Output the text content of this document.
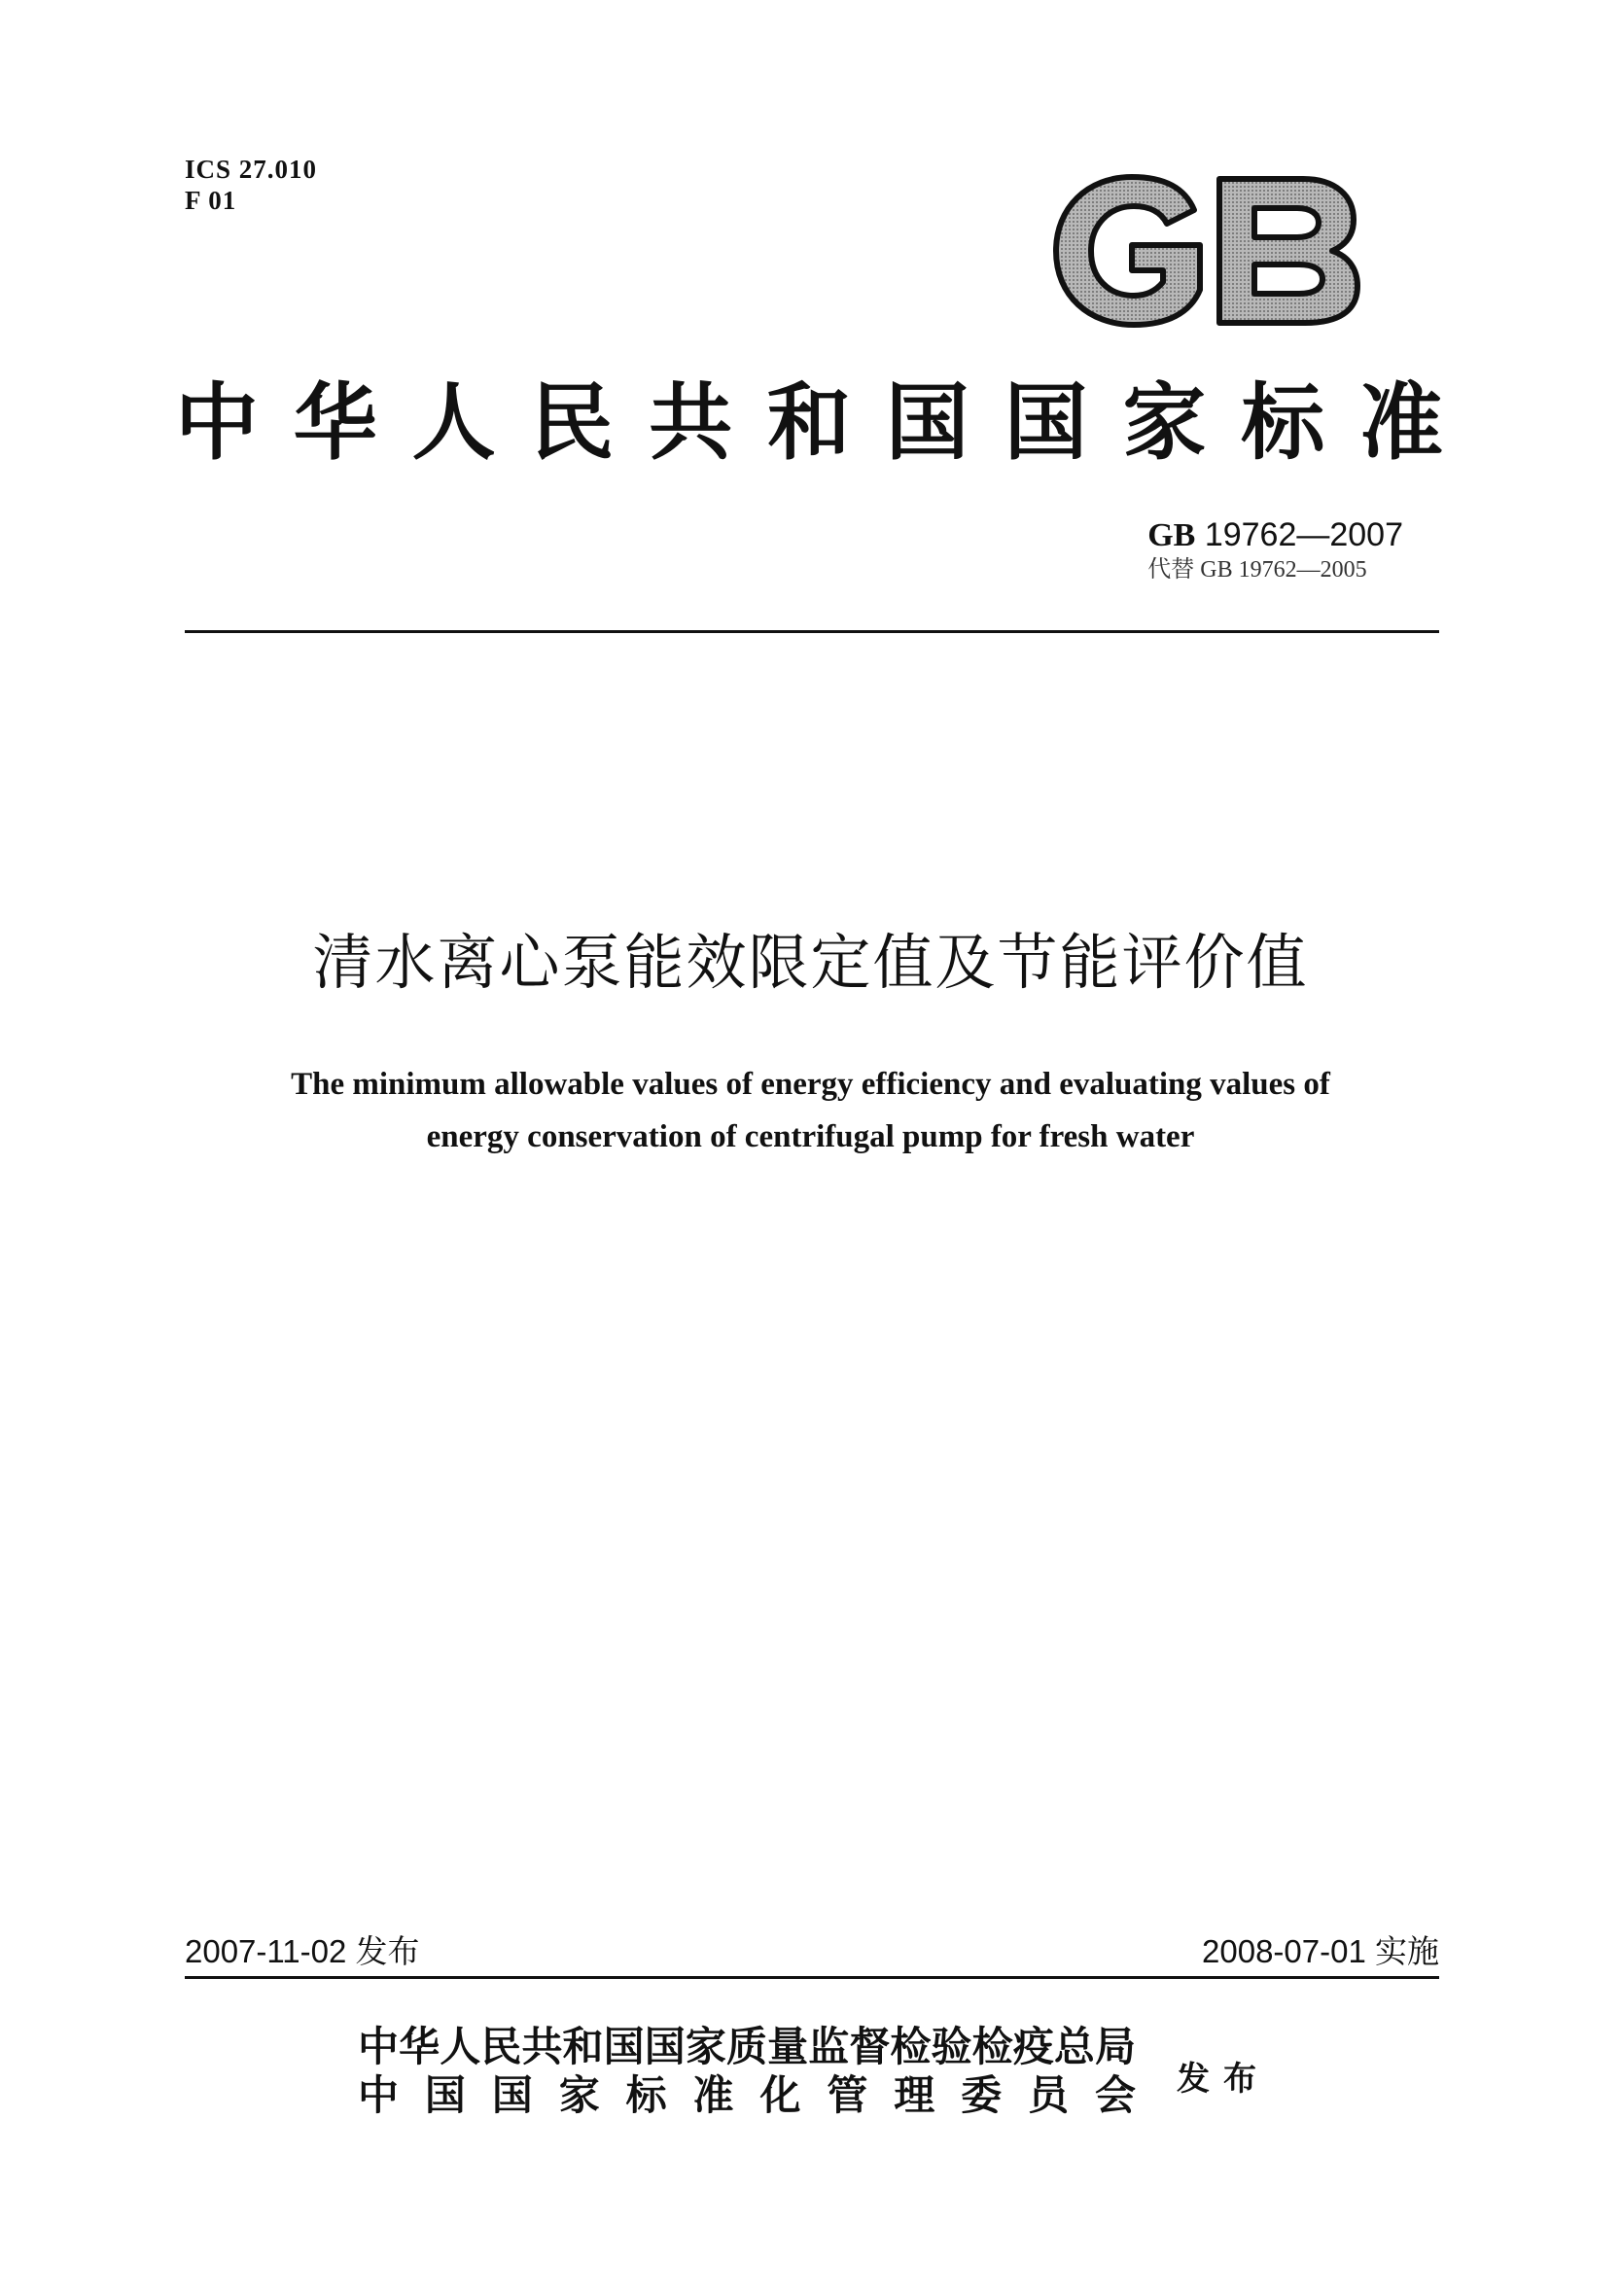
ICS 27.010
F 01
GB
中华人民共和国国家标准
GB 19762—2007
代替 GB 19762—2005
清水离心泵能效限定值及节能评价值
The minimum allowable values of energy efficiency and evaluating values of
energy conservation of centrifugal pump for fresh water
2007-11-02 发布	2008-07-01 实施
中华人民共和国国家质量监督检验检疫总局
中国国家标准化管理委员会 发布
